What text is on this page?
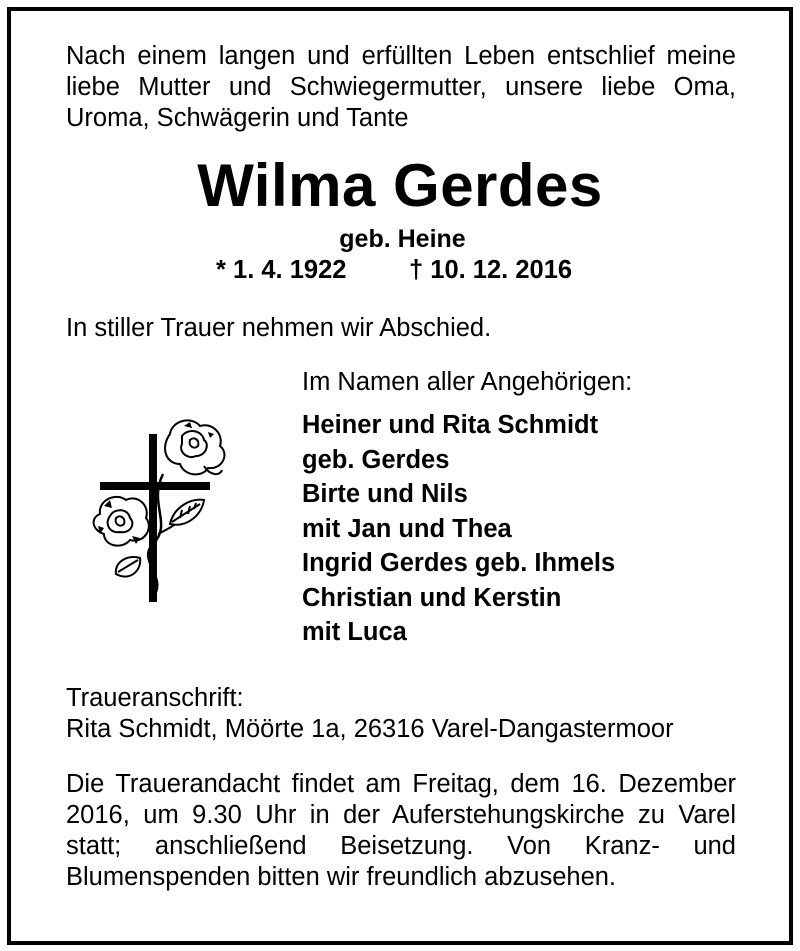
Nach einem langen und erfüllten Leben entschlief meine liebe Mutter und Schwiegermutter, unsere liebe Oma, Uroma, Schwägerin und Tante
Wilma Gerdes
geb. Heine
* 1. 4. 1922 † 10. 12. 2016
In stiller Trauer nehmen wir Abschied.
Im Namen aller Angehörigen:
Heiner und Rita Schmidt
geb. Gerdes
Birte und Nils
mit Jan und Thea
Ingrid Gerdes geb. Ihmels
Christian und Kerstin
mit Luca
Traueranschrift:
Rita Schmidt, Möörte 1a, 26316 Varel-Dangastermoor
Die Trauerandacht findet am Freitag, dem 16. Dezember 2016, um 9.30 Uhr in der Auferstehungskirche zu Varel statt; anschließend Beisetzung. Von Kranz- und Blumenspenden bitten wir freundlich abzusehen.
